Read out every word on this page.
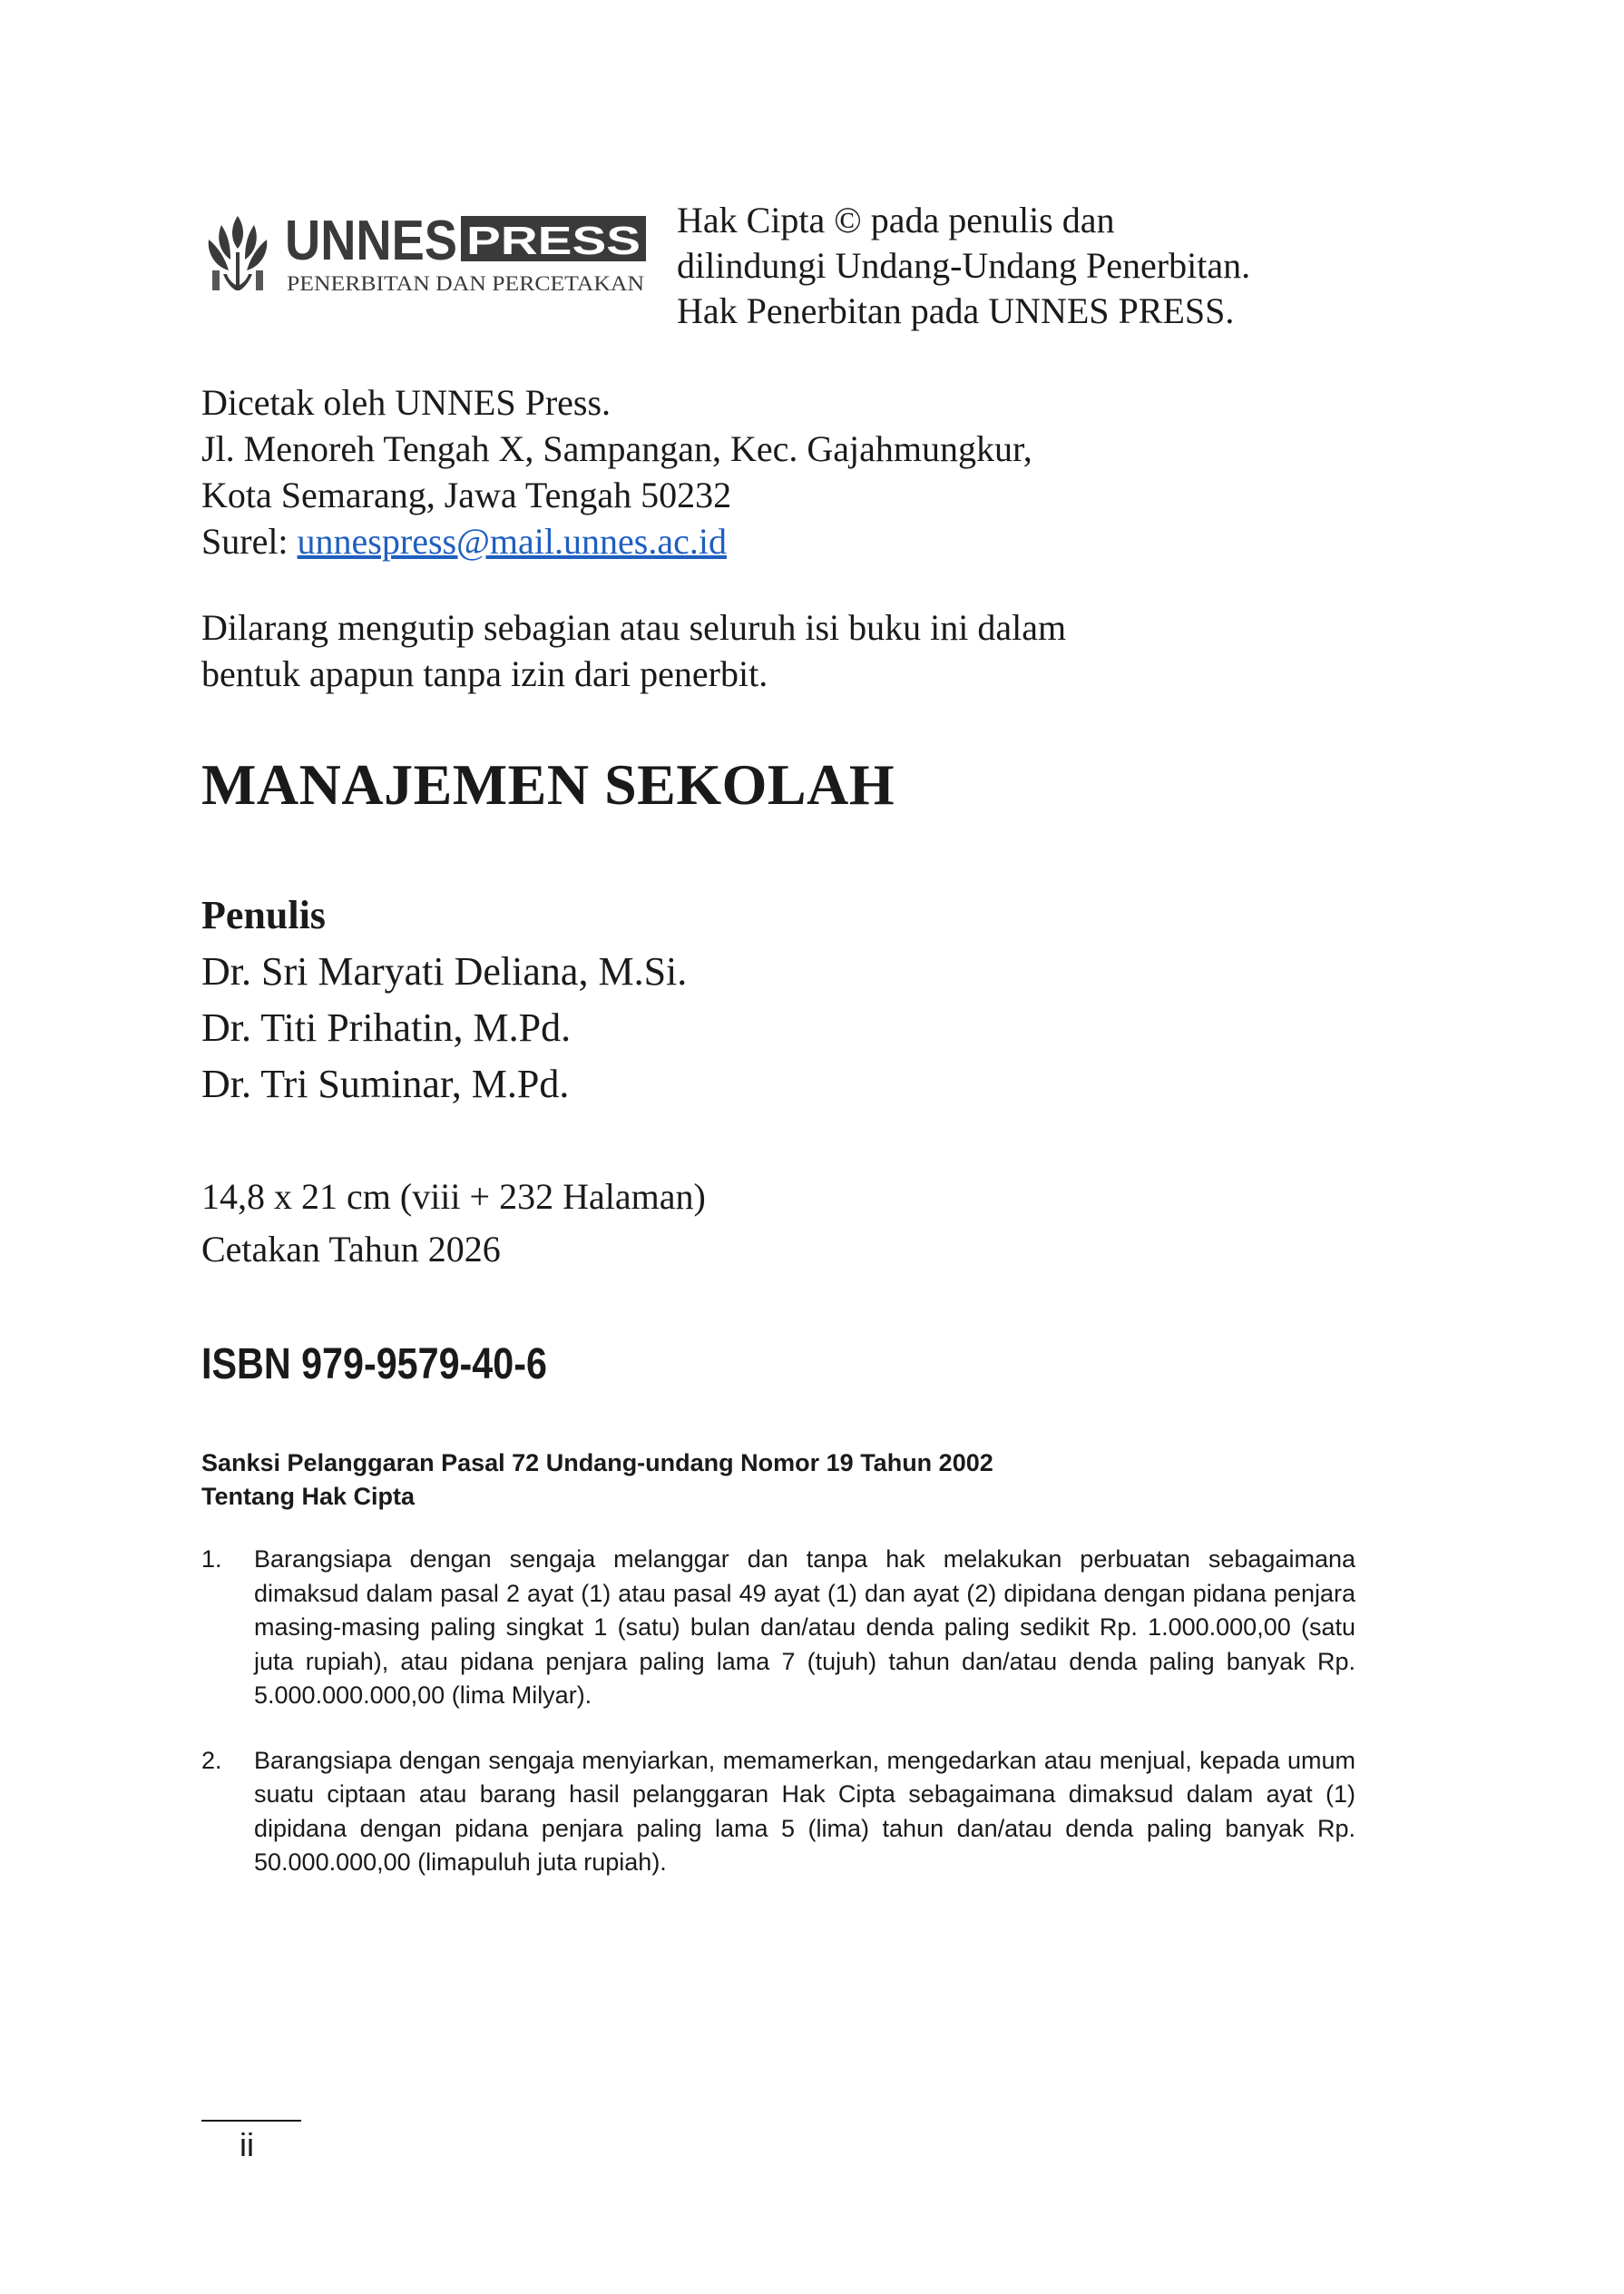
UNNES PRESS
PENERBITAN DAN PERCETAKAN
Hak Cipta © pada penulis dan
dilindungi Undang-Undang Penerbitan.
Hak Penerbitan pada UNNES PRESS.
Dicetak oleh UNNES Press.
Jl. Menoreh Tengah X, Sampangan, Kec. Gajahmungkur,
Kota Semarang, Jawa Tengah 50232
Surel: unnespress@mail.unnes.ac.id
Dilarang mengutip sebagian atau seluruh isi buku ini dalam
bentuk apapun tanpa izin dari penerbit.
MANAJEMEN SEKOLAH
Penulis
Dr. Sri Maryati Deliana, M.Si.
Dr. Titi Prihatin, M.Pd.
Dr. Tri Suminar, M.Pd.
14,8 x 21 cm (viii + 232 Halaman)
Cetakan Tahun 2026
ISBN 979-9579-40-6
Sanksi Pelanggaran Pasal 72 Undang-undang Nomor 19 Tahun 2002
Tentang Hak Cipta
1. Barangsiapa dengan sengaja melanggar dan tanpa hak melakukan perbuatan sebagaimana dimaksud dalam pasal 2 ayat (1) atau pasal 49 ayat (1) dan ayat (2) dipidana dengan pidana penjara masing-masing paling singkat 1 (satu) bulan dan/atau denda paling sedikit Rp. 1.000.000,00 (satu juta rupiah), atau pidana penjara paling lama 7 (tujuh) tahun dan/atau denda paling banyak Rp. 5.000.000.000,00 (lima Milyar).
2. Barangsiapa dengan sengaja menyiarkan, memamerkan, mengedarkan atau menjual, kepada umum suatu ciptaan atau barang hasil pelanggaran Hak Cipta sebagaimana dimaksud dalam ayat (1) dipidana dengan pidana penjara paling lama 5 (lima) tahun dan/atau denda paling banyak Rp. 50.000.000,00 (limapuluh juta rupiah).
ii
